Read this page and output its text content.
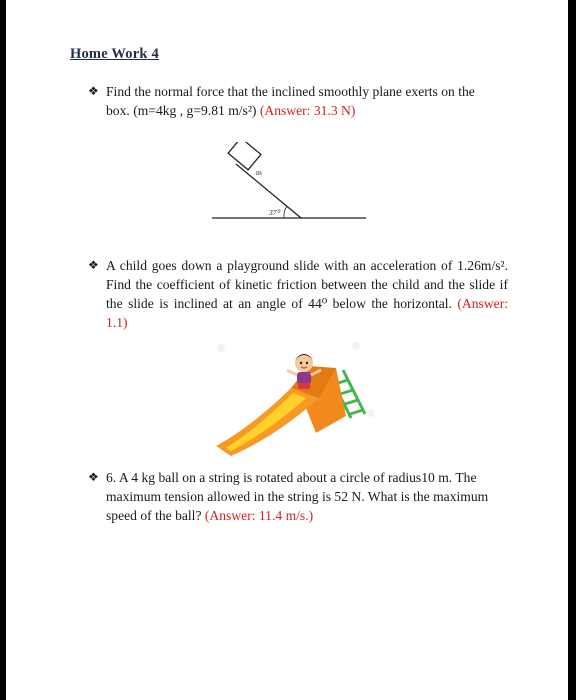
Home Work 4
❖ Find the normal force that the inclined smoothly plane exerts on the
box. (m=4kg , g=9.81 m/s²) (Answer: 31.3 N)
m
37⁰
❖ A child goes down a playground slide with an acceleration of 1.26m/s². Find the coefficient of kinetic friction between the child and the slide if the slide is inclined at an angle of 44⁰ below the horizontal. (Answer: 1.1)

❖ 6. A 4 kg ball on a string is rotated about a circle of radius10 m. The maximum tension allowed in the string is 52 N. What is the maximum speed of the ball? (Answer: 11.4 m/s.)
